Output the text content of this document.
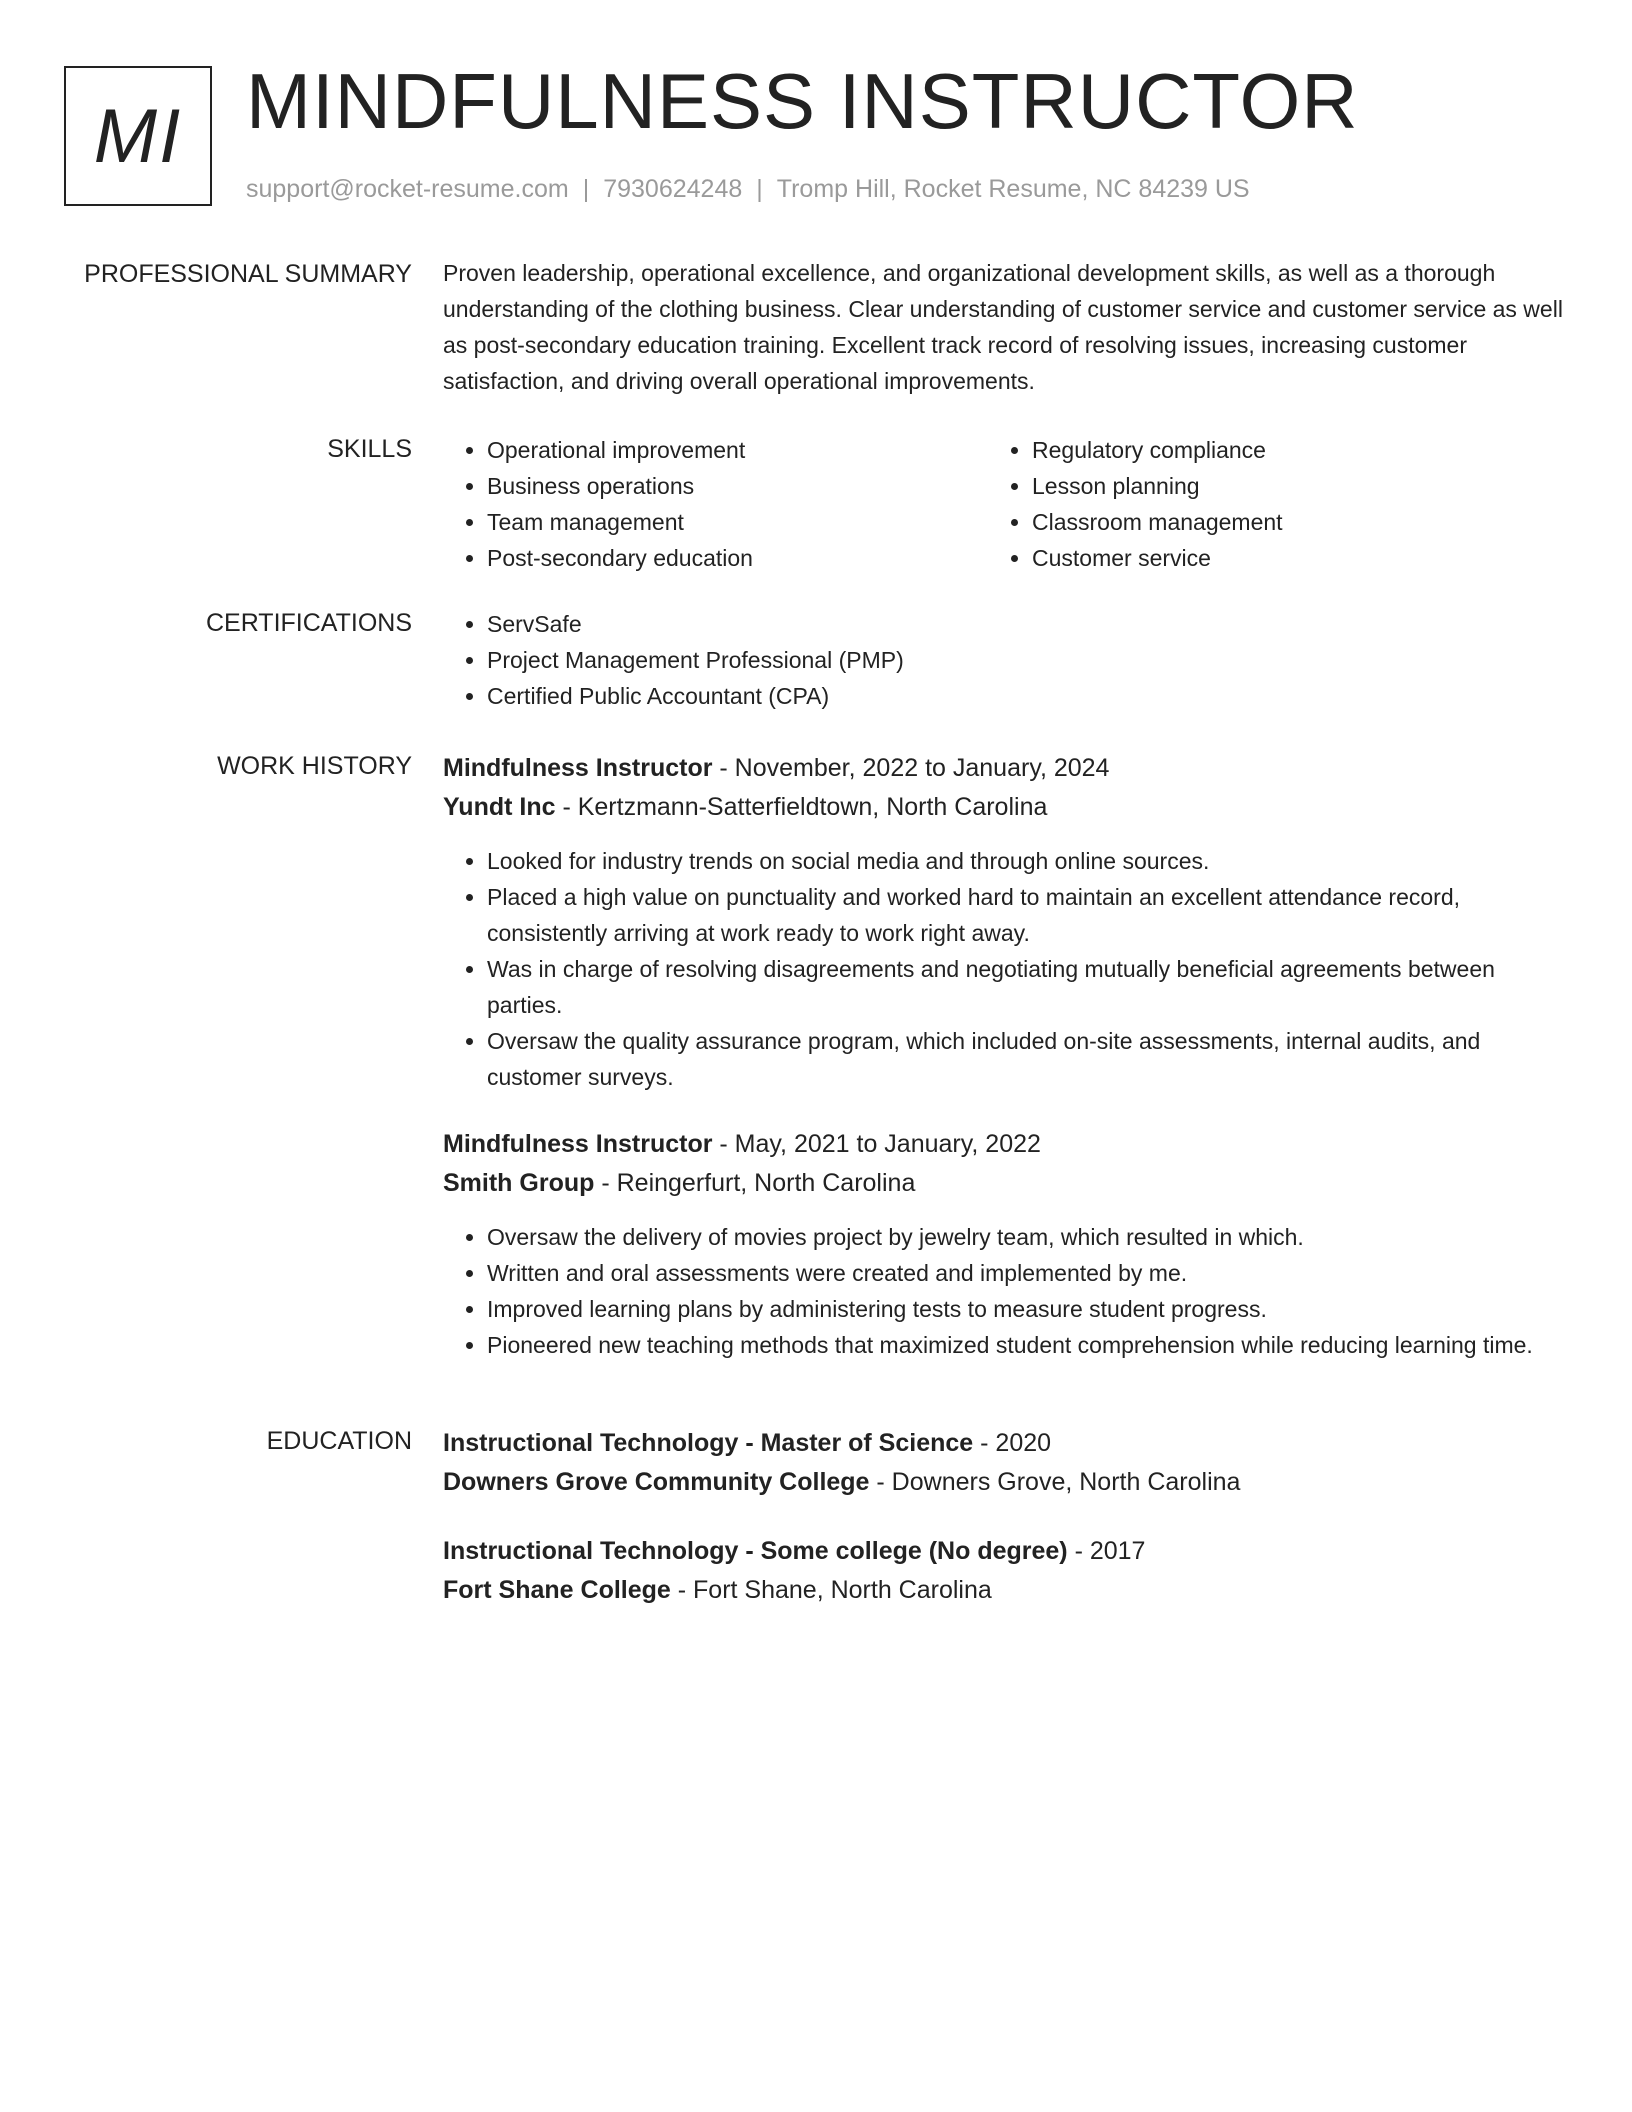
MI MINDFULNESS INSTRUCTOR
support@rocket-resume.com | 7930624248 | Tromp Hill, Rocket Resume, NC 84239 US
PROFESSIONAL SUMMARY Proven leadership, operational excellence, and organizational development skills, as well as a thorough understanding of the clothing business. Clear understanding of customer service and customer service as well as post-secondary education training. Excellent track record of resolving issues, increasing customer satisfaction, and driving overall operational improvements.

SKILLS	• Operational improvement
• Business operations
• Team management
• Post-secondary education
• Regulatory compliance
• Lesson planning
• Classroom management
• Customer service
CERTIFICATIONS	• ServSafe
• Project Management Professional (PMP)
• Certified Public Accountant (CPA)
WORK HISTORY Mindfulness Instructor - November, 2022 to January, 2024
Yundt Inc - Kertzmann-Satterfieldtown, North Carolina
• Looked for industry trends on social media and through online sources.
• Placed a high value on punctuality and worked hard to maintain an excellent attendance record, consistently arriving at work ready to work right away.
• Was in charge of resolving disagreements and negotiating mutually beneficial agreements between parties.
• Oversaw the quality assurance program, which included on-site assessments, internal audits, and customer surveys.
Mindfulness Instructor - May, 2021 to January, 2022
Smith Group - Reingerfurt, North Carolina
• Oversaw the delivery of movies project by jewelry team, which resulted in which.
• Written and oral assessments were created and implemented by me.
• Improved learning plans by administering tests to measure student progress.
• Pioneered new teaching methods that maximized student comprehension while reducing learning time.
EDUCATION Instructional Technology - Master of Science - 2020
Downers Grove Community College - Downers Grove, North Carolina
Instructional Technology - Some college (No degree) - 2017
Fort Shane College - Fort Shane, North Carolina
